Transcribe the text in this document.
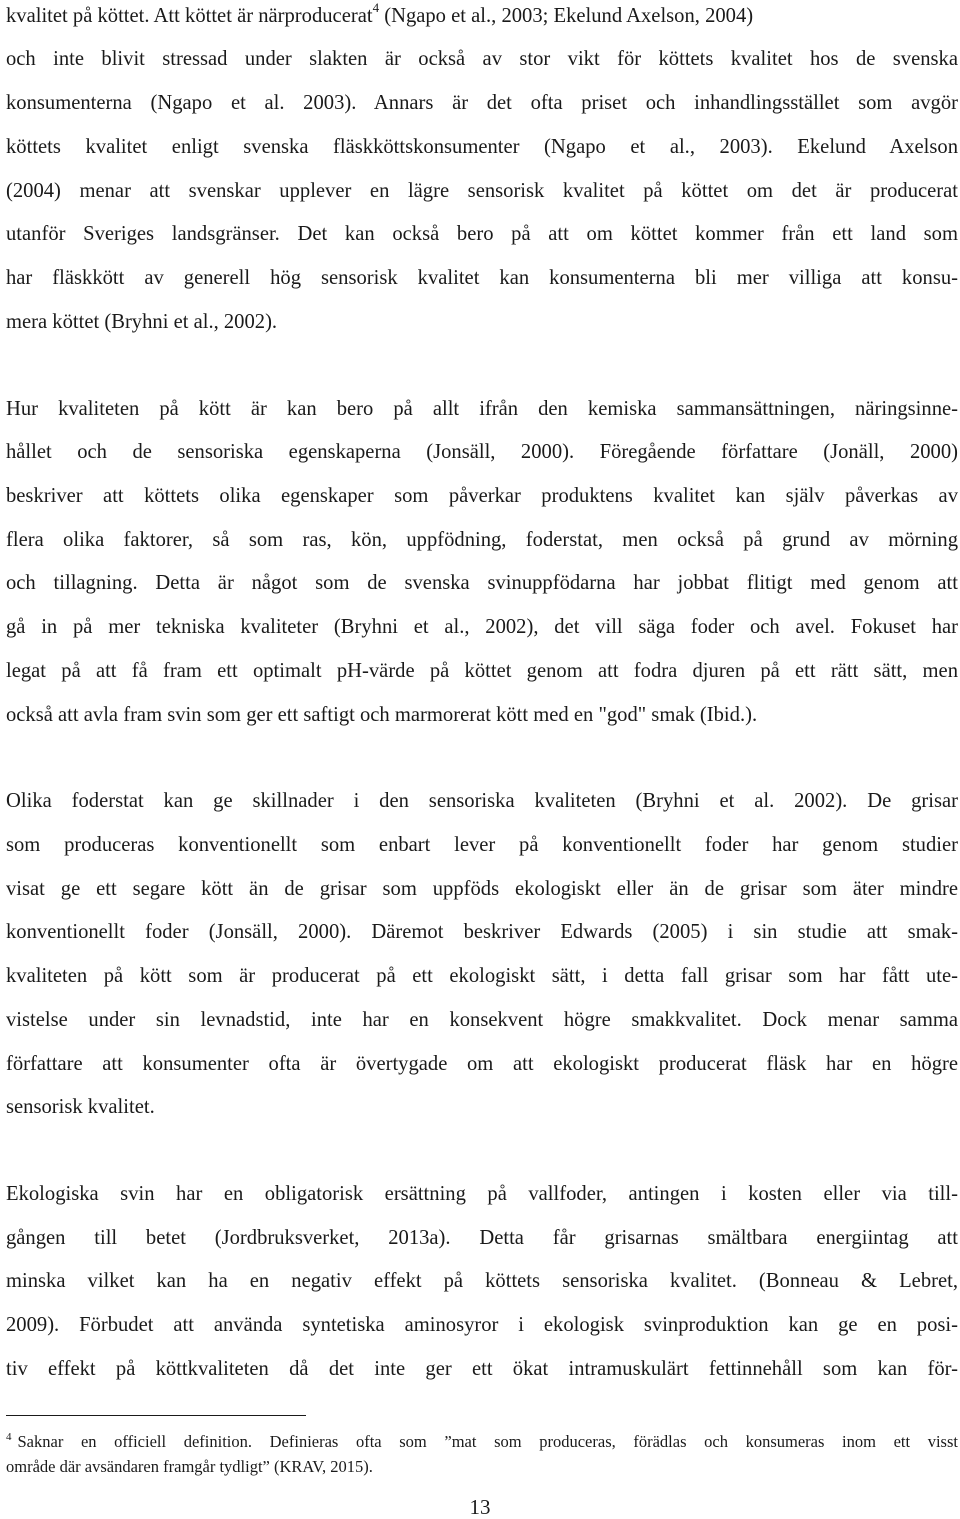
kvalitet på köttet. Att köttet är närproducerat$^4$ (Ngapo et al., 2003; Ekelund Axelson, 2004)
och inte blivit stressad under slakten är också av stor vikt för köttets kvalitet hos de svenska
konsumenterna (Ngapo et al. 2003). Annars är det ofta priset och inhandlingsstället som avgör
köttets kvalitet enligt svenska fläskköttskonsumenter (Ngapo et al., 2003). Ekelund Axelson
(2004) menar att svenskar upplever en lägre sensorisk kvalitet på köttet om det är producerat
utanför Sveriges landsgränser. Det kan också bero på att om köttet kommer från ett land som
har fläskkött av generell hög sensorisk kvalitet kan konsumenterna bli mer villiga att konsu-
mera köttet (Bryhni et al., 2002).
Hur kvaliteten på kött är kan bero på allt ifrån den kemiska sammansättningen, näringsinne-
hållet och de sensoriska egenskaperna (Jonsäll, 2000). Föregående författare (Jonäll, 2000)
beskriver att köttets olika egenskaper som påverkar produktens kvalitet kan själv påverkas av
flera olika faktorer, så som ras, kön, uppfödning, foderstat, men också på grund av mörning
och tillagning. Detta är något som de svenska svinuppfödarna har jobbat flitigt med genom att
gå in på mer tekniska kvaliteter (Bryhni et al., 2002), det vill säga foder och avel. Fokuset har
legat på att få fram ett optimalt pH-värde på köttet genom att fodra djuren på ett rätt sätt, men
också att avla fram svin som ger ett saftigt och marmorerat kött med en "god" smak (Ibid.).
Olika foderstat kan ge skillnader i den sensoriska kvaliteten (Bryhni et al. 2002). De grisar
som produceras konventionellt som enbart lever på konventionellt foder har genom studier
visat ge ett segare kött än de grisar som uppföds ekologiskt eller än de grisar som äter mindre
konventionellt foder (Jonsäll, 2000). Däremot beskriver Edwards (2005) i sin studie att smak-
kvaliteten på kött som är producerat på ett ekologiskt sätt, i detta fall grisar som har fått ute-
vistelse under sin levnadstid, inte har en konsekvent högre smakkvalitet. Dock menar samma
författare att konsumenter ofta är övertygade om att ekologiskt producerat fläsk har en högre
sensorisk kvalitet.
Ekologiska svin har en obligatorisk ersättning på vallfoder, antingen i kosten eller via till-
gången till betet (Jordbruksverket, 2013a). Detta får grisarnas smältbara energiintag att
minska vilket kan ha en negativ effekt på köttets sensoriska kvalitet. (Bonneau & Lebret,
2009). Förbudet att använda syntetiska aminosyror i ekologisk svinproduktion kan ge en posi-
tiv effekt på köttkvaliteten då det inte ger ett ökat intramuskulärt fettinnehåll som kan för-
$^4$ Saknar en officiell definition. Definieras ofta som ”mat som produceras, förädlas och konsumeras inom ett visst
område där avsändaren framgår tydligt” (KRAV, 2015).
13
